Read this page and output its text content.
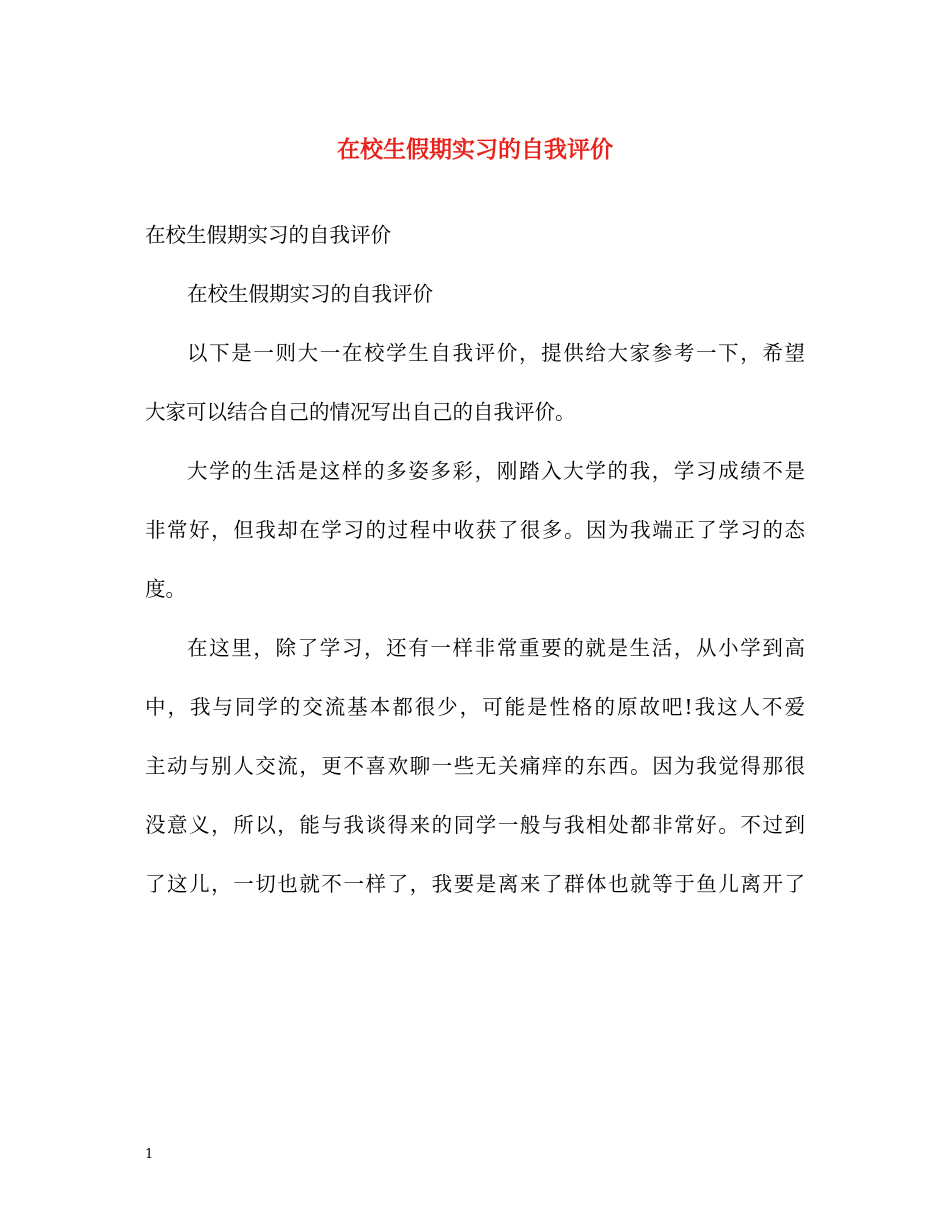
在校生假期实习的自我评价

在校生假期实习的自我评价

在校生假期实习的自我评价

以下是一则大一在校学生自我评价，提供给大家参考一下，希望
大家可以结合自己的情况写出自己的自我评价。

大学的生活是这样的多姿多彩，刚踏入大学的我，学习成绩不是
非常好，但我却在学习的过程中收获了很多。因为我端正了学习的态
度。

在这里，除了学习，还有一样非常重要的就是生活，从小学到高
中，我与同学的交流基本都很少，可能是性格的原故吧!我这人不爱
主动与别人交流，更不喜欢聊一些无关痛痒的东西。因为我觉得那很
没意义，所以，能与我谈得来的同学一般与我相处都非常好。不过到
了这儿，一切也就不一样了，我要是离来了群体也就等于鱼儿离开了

1
